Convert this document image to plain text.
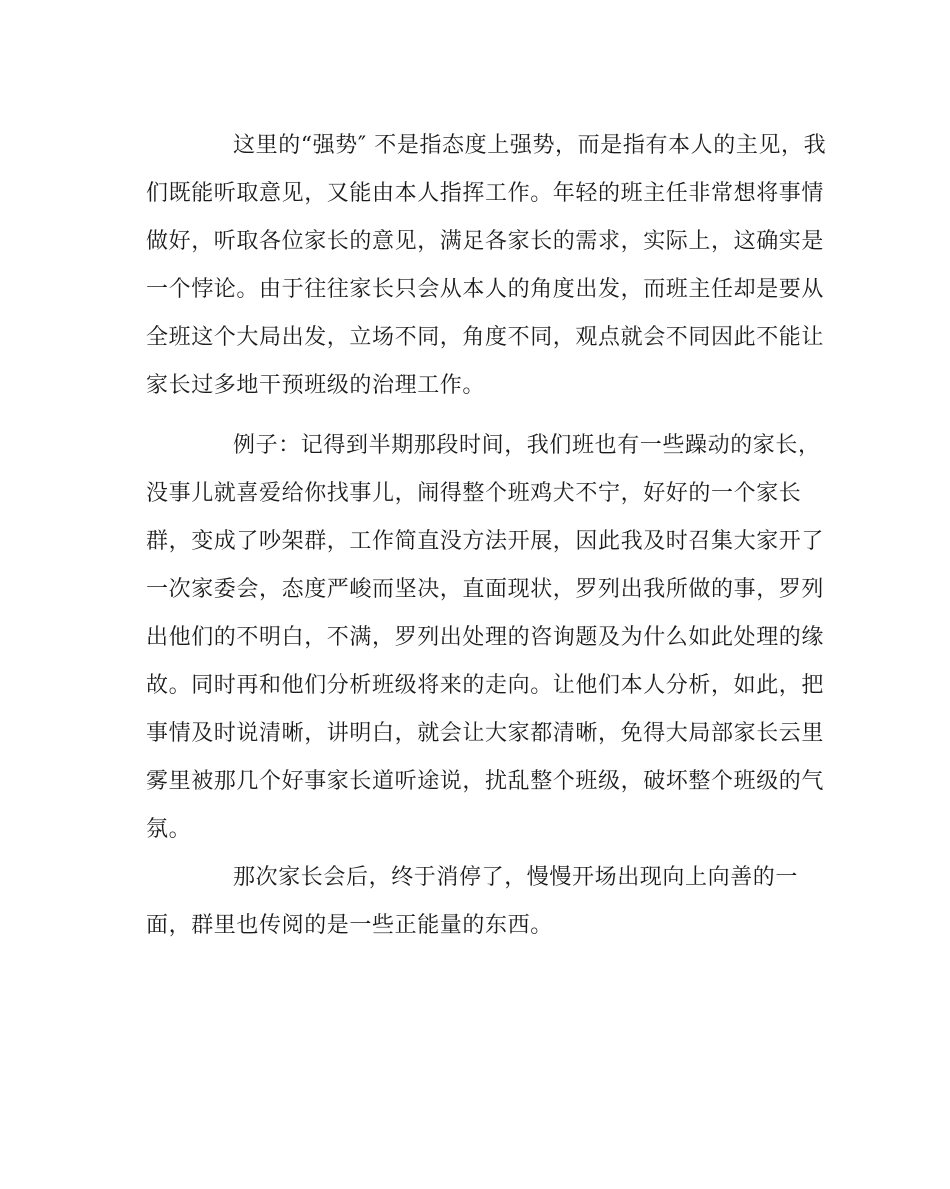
这里的“强势″ 不是指态度上强势，而是指有本人的主见，我
们既能听取意见，又能由本人指挥工作。年轻的班主任非常想将事情
做好，听取各位家长的意见，满足各家长的需求，实际上，这确实是
一个悖论。由于往往家长只会从本人的角度出发，而班主任却是要从
全班这个大局出发，立场不同，角度不同，观点就会不同因此不能让
家长过多地干预班级的治理工作。
例子：记得到半期那段时间，我们班也有一些躁动的家长，
没事儿就喜爱给你找事儿，闹得整个班鸡犬不宁，好好的一个家长
群，变成了吵架群，工作简直没方法开展，因此我及时召集大家开了
一次家委会，态度严峻而坚决，直面现状，罗列出我所做的事，罗列
出他们的不明白，不满，罗列出处理的咨询题及为什么如此处理的缘
故。同时再和他们分析班级将来的走向。让他们本人分析，如此，把
事情及时说清晰，讲明白，就会让大家都清晰，免得大局部家长云里
雾里被那几个好事家长道听途说，扰乱整个班级，破坏整个班级的气
氛。
那次家长会后，终于消停了，慢慢开场出现向上向善的一
面，群里也传阅的是一些正能量的东西。
